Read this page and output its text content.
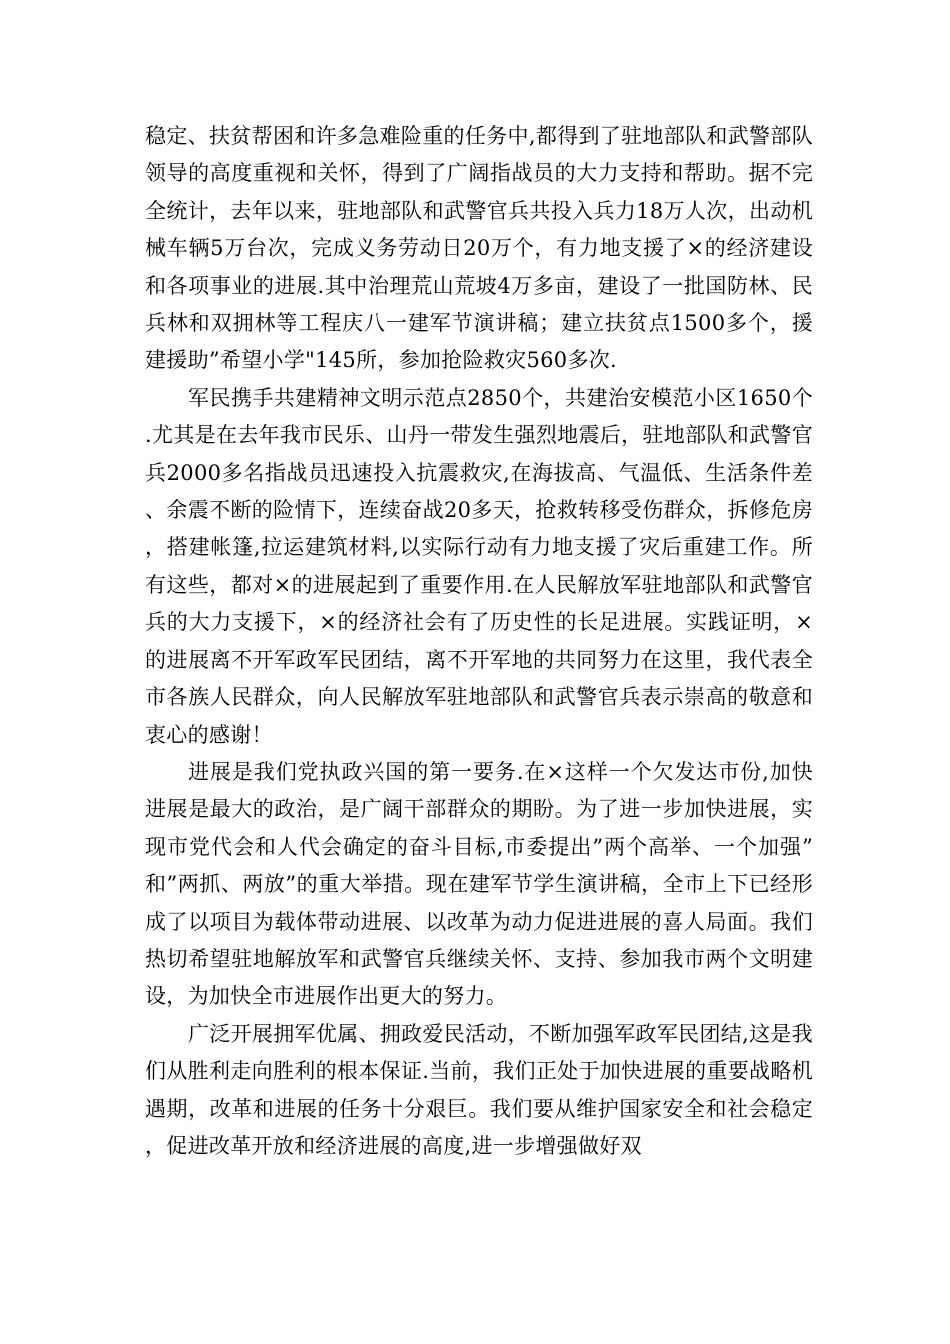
稳定、扶贫帮困和许多急难险重的任务中,都得到了驻地部队和武警部队领导的高度重视和关怀，得到了广阔指战员的大力支持和帮助。据不完全统计，去年以来，驻地部队和武警官兵共投入兵力18万人次，出动机械车辆5万台次，完成义务劳动日20万个，有力地支援了×的经济建设和各项事业的进展.其中治理荒山荒坡4万多亩，建设了一批国防林、民兵林和双拥林等工程庆八一建军节演讲稿；建立扶贫点1500多个，援建援助”希望小学"145所，参加抢险救灾560多次.

军民携手共建精神文明示范点2850个，共建治安模范小区1650个.尤其是在去年我市民乐、山丹一带发生强烈地震后，驻地部队和武警官兵2000多名指战员迅速投入抗震救灾,在海拔高、气温低、生活条件差、余震不断的险情下，连续奋战20多天，抢救转移受伤群众，拆修危房，搭建帐篷,拉运建筑材料,以实际行动有力地支援了灾后重建工作。所有这些，都对×的进展起到了重要作用.在人民解放军驻地部队和武警官兵的大力支援下，×的经济社会有了历史性的长足进展。实践证明，×的进展离不开军政军民团结，离不开军地的共同努力在这里，我代表全市各族人民群众，向人民解放军驻地部队和武警官兵表示崇高的敬意和衷心的感谢！

进展是我们党执政兴国的第一要务.在×这样一个欠发达市份,加快进展是最大的政治，是广阔干部群众的期盼。为了进一步加快进展，实现市党代会和人代会确定的奋斗目标,市委提出”两个高举、一个加强”和”两抓、两放”的重大举措。现在建军节学生演讲稿，全市上下已经形成了以项目为载体带动进展、以改革为动力促进进展的喜人局面。我们热切希望驻地解放军和武警官兵继续关怀、支持、参加我市两个文明建设，为加快全市进展作出更大的努力。

广泛开展拥军优属、拥政爱民活动，不断加强军政军民团结,这是我们从胜利走向胜利的根本保证.当前，我们正处于加快进展的重要战略机遇期，改革和进展的任务十分艰巨。我们要从维护国家安全和社会稳定，促进改革开放和经济进展的高度,进一步增强做好双
